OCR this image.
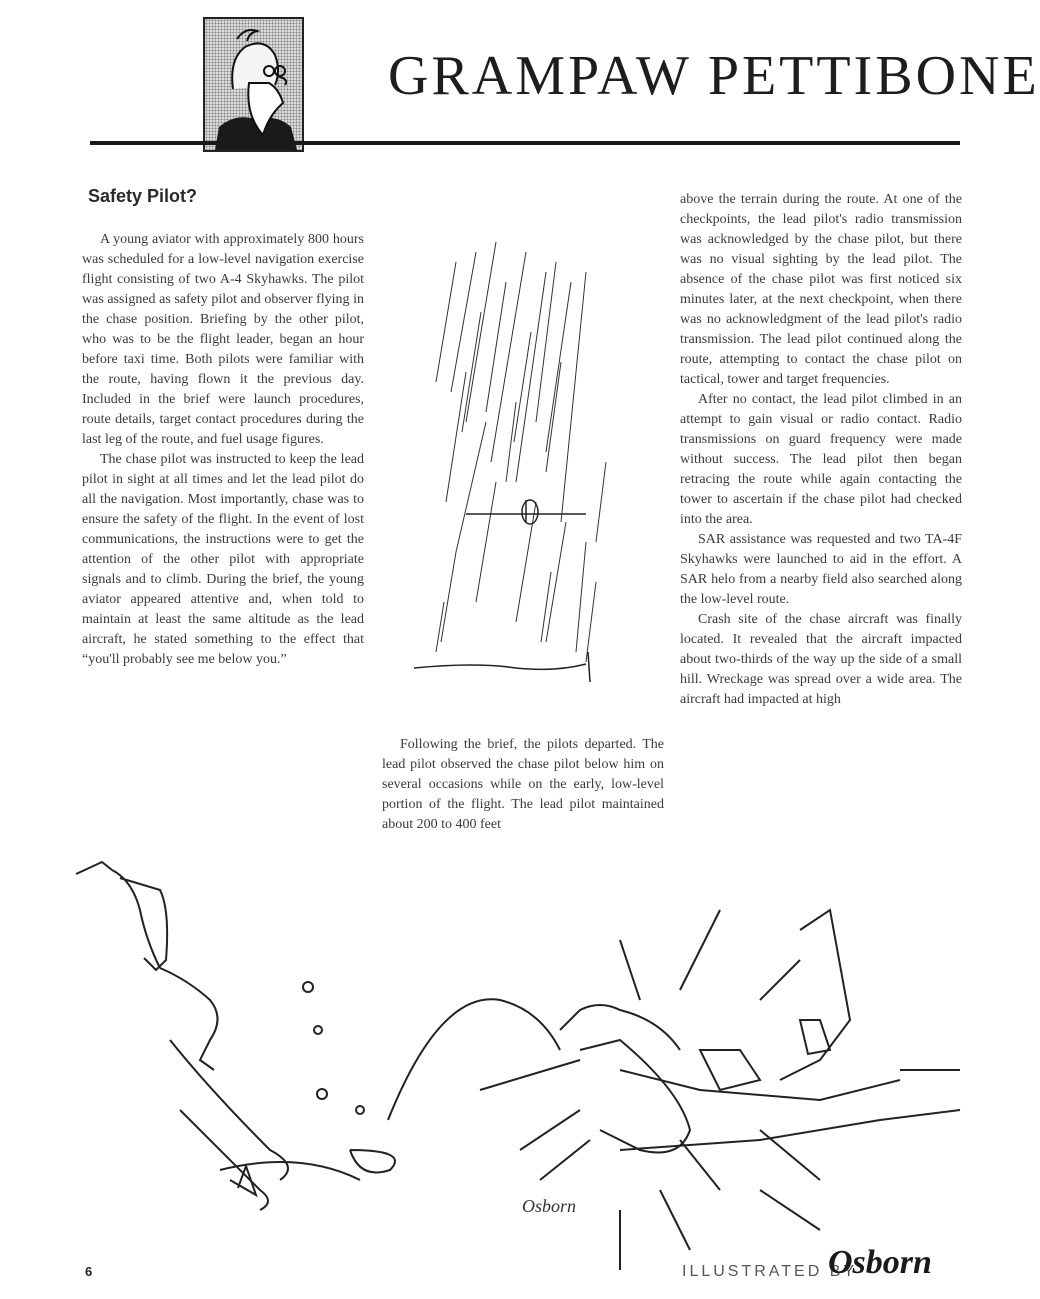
GRAMPAW PETTIBONE
Safety Pilot?

A young aviator with approximately 800 hours was scheduled for a low-level navigation exercise flight consisting of two A-4 Skyhawks. The pilot was assigned as safety pilot and observer flying in the chase position. Briefing by the other pilot, who was to be the flight leader, began an hour before taxi time. Both pilots were familiar with the route, having flown it the previous day. Included in the brief were launch procedures, route details, target contact procedures during the last leg of the route, and fuel usage figures.

The chase pilot was instructed to keep the lead pilot in sight at all times and let the lead pilot do all the navigation. Most importantly, chase was to ensure the safety of the flight. In the event of lost communications, the instructions were to get the attention of the other pilot with appropriate signals and to climb. During the brief, the young aviator appeared attentive and, when told to maintain at least the same altitude as the lead aircraft, he stated something to the effect that “you'll probably see me below you.”

Following the brief, the pilots departed. The lead pilot observed the chase pilot below him on several occasions while on the early, low-level portion of the flight. The lead pilot maintained about 200 to 400 feet

above the terrain during the route. At one of the checkpoints, the lead pilot's radio transmission was acknowledged by the chase pilot, but there was no visual sighting by the lead pilot. The absence of the chase pilot was first noticed six minutes later, at the next checkpoint, when there was no acknowledgment of the lead pilot's radio transmission. The lead pilot continued along the route, attempting to contact the chase pilot on tactical, tower and target frequencies.

After no contact, the lead pilot climbed in an attempt to gain visual or radio contact. Radio transmissions on guard frequency were made without success. The lead pilot then began retracing the route while again contacting the tower to ascertain if the chase pilot had checked into the area.

SAR assistance was requested and two TA-4F Skyhawks were launched to aid in the effort. A SAR helo from a nearby field also searched along the low-level route.

Crash site of the chase aircraft was finally located. It revealed that the aircraft impacted about two-thirds of the way up the side of a small hill. Wreckage was spread over a wide area. The aircraft had impacted at high

Osborn
6	ILLUSTRATED BY
Osborn
